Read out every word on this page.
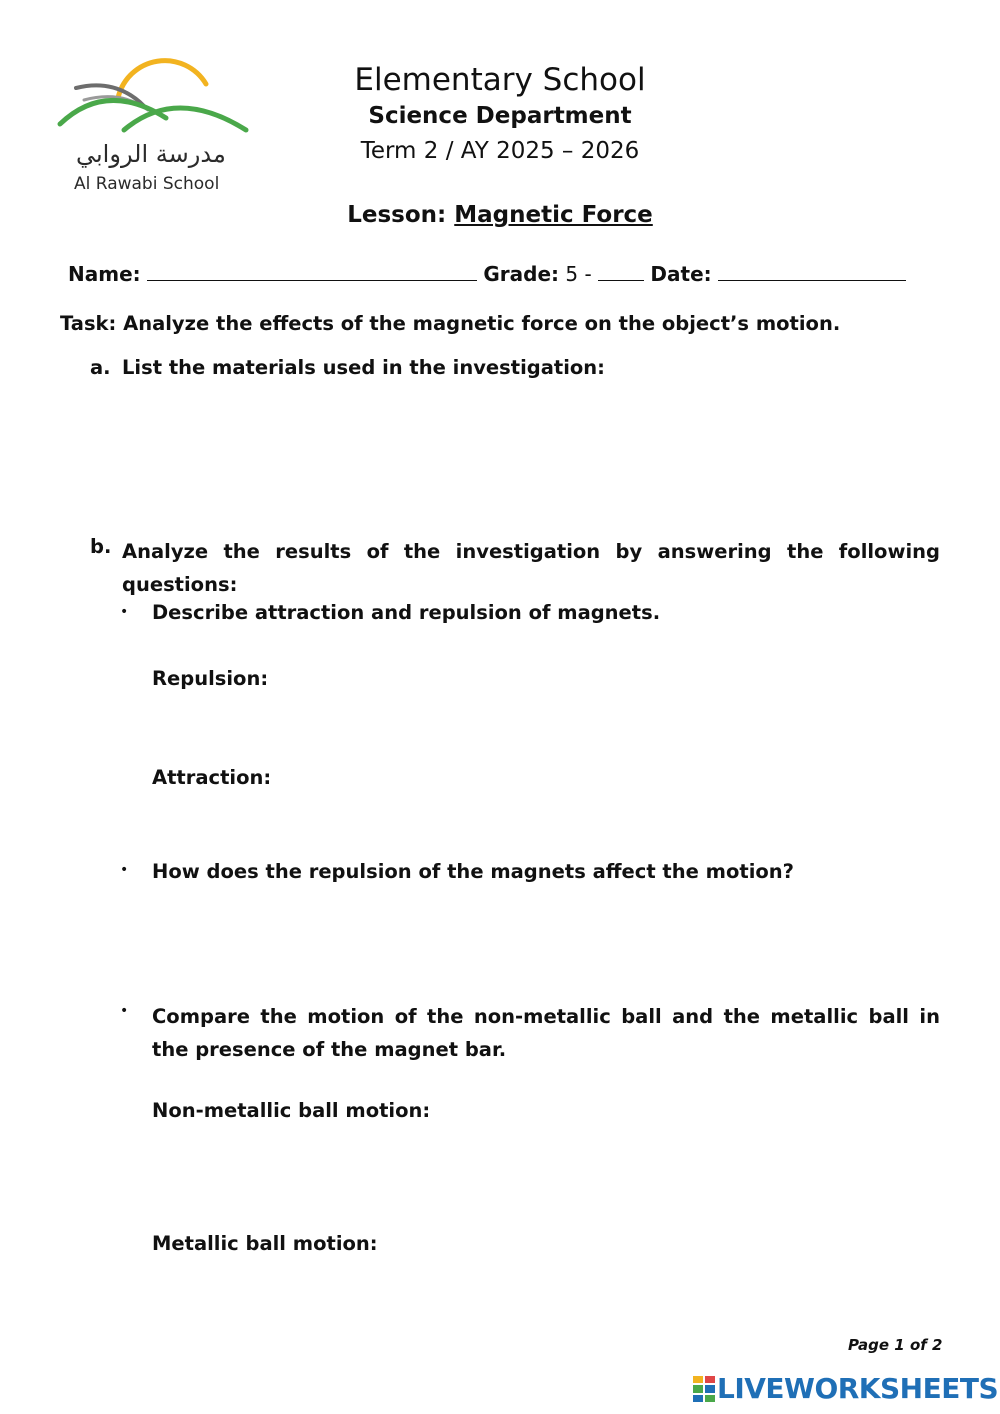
مدرسة الروابي
Al Rawabi School
Elementary School
Science Department
Term 2 / AY 2025 – 2026
Lesson: Magnetic Force
Name:	Grade: 5 -	Date:
Task: Analyze the effects of the magnetic force on the object’s motion.
a. List the materials used in the investigation:
b. Analyze the results of the investigation by answering the following questions:
• Describe attraction and repulsion of magnets.
Repulsion:
Attraction:
• How does the repulsion of the magnets affect the motion?
• Compare the motion of the non-metallic ball and the metallic ball in the presence of the magnet bar.
Non-metallic ball motion:
Metallic ball motion:
Page 1 of 2
LIVEWORKSHEETS
